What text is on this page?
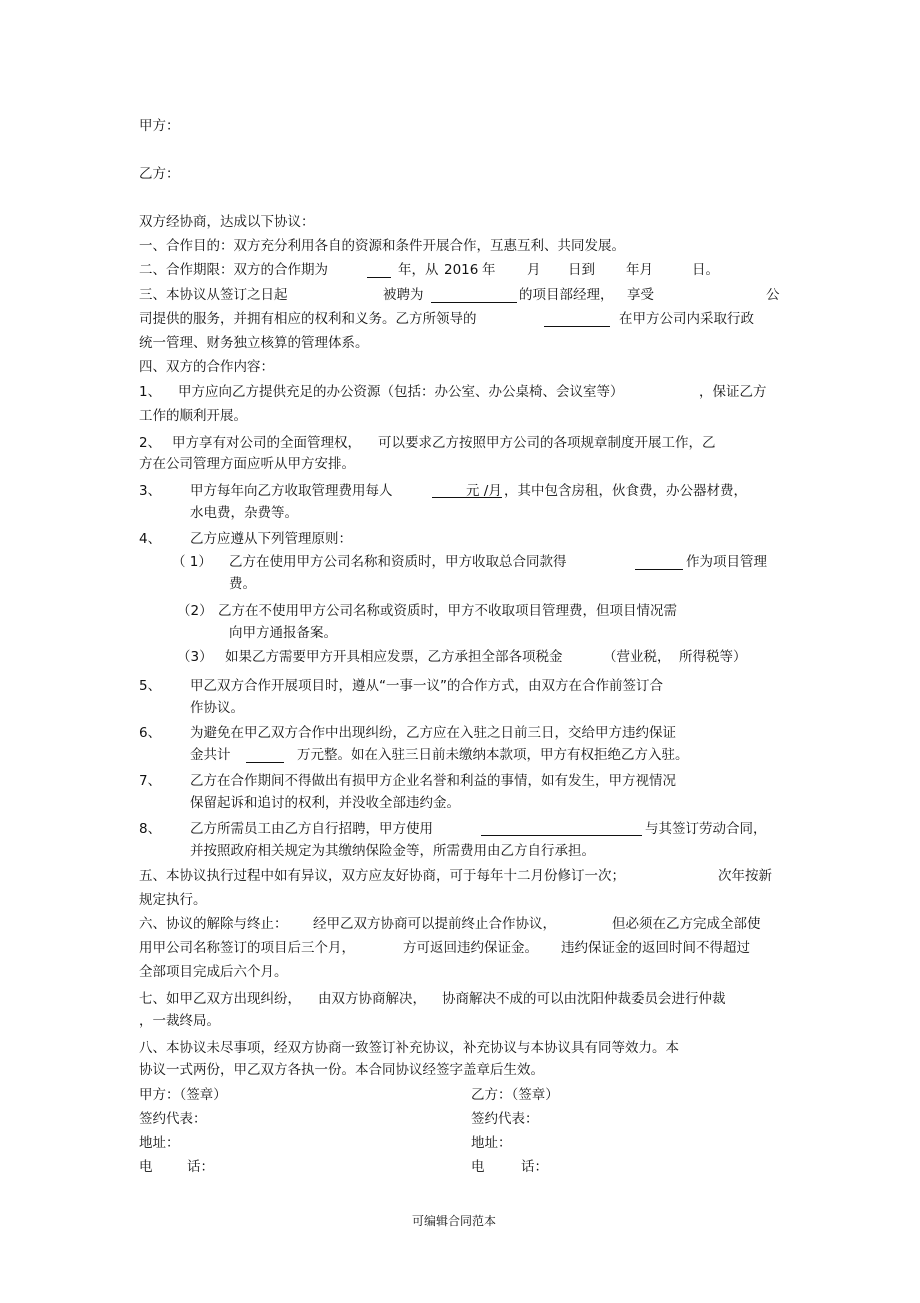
甲方：
乙方：
双方经协商，达成以下协议：
一、合作目的：双方充分利用各自的资源和条件开展合作，互惠互利、共同发展。
二、合作期限：双方的合作期为	年，从 2016 年 月 日到 年月	日。
三、本协议从签订之日起	被聘为	的项目部经理， 享受	公
司提供的服务，并拥有相应的权利和义务。乙方所领导的	在甲方公司内采取行政
统一管理、财务独立核算的管理体系。
四、双方的合作内容：
1、 甲方应向乙方提供充足的办公资源（包括：办公室、办公桌椅、会议室等）	，保证乙方
工作的顺利开展。
2、 甲方享有对公司的全面管理权， 可以要求乙方按照甲方公司的各项规章制度开展工作，乙
方在公司管理方面应听从甲方安排。
3、 甲方每年向乙方收取管理费用每人	元 /月 ，其中包含房租，伙食费，办公器材费，
水电费，杂费等。
4、 乙方应遵从下列管理原则：
（ 1） 乙方在使用甲方公司名称和资质时，甲方收取总合同款得	作为项目管理
费。
（2） 乙方在不使用甲方公司名称或资质时，甲方不收取项目管理费，但项目情况需
向甲方通报备案。
（3） 如果乙方需要甲方开具相应发票，乙方承担全部各项税金	（营业税， 所得税等）
5、 甲乙双方合作开展项目时，遵从“一事一议”的合作方式，由双方在合作前签订合
作协议。
6、 为避免在甲乙双方合作中出现纠纷，乙方应在入驻之日前三日，交给甲方违约保证
金共计	万元整。如在入驻三日前未缴纳本款项，甲方有权拒绝乙方入驻。
7、 乙方在合作期间不得做出有损甲方企业名誉和利益的事情，如有发生，甲方视情况
保留起诉和追讨的权利，并没收全部违约金。
8、 乙方所需员工由乙方自行招聘，甲方使用	与其签订劳动合同，
并按照政府相关规定为其缴纳保险金等，所需费用由乙方自行承担。
五、本协议执行过程中如有异议，双方应友好协商，可于每年十二月份修订一次；	次年按新
规定执行。
六、协议的解除与终止： 经甲乙双方协商可以提前终止合作协议，	但必须在乙方完成全部使
用甲公司名称签订的项目后三个月，	方可返回违约保证金。 违约保证金的返回时间不得超过
全部项目完成后六个月。
七、如甲乙双方出现纠纷， 由双方协商解决， 协商解决不成的可以由沈阳仲裁委员会进行仲裁
，一裁终局。
八、本协议未尽事项，经双方协商一致签订补充协议，补充协议与本协议具有同等效力。本
协议一式两份，甲乙双方各执一份。本合同协议经签字盖章后生效。
甲方：（签章）	乙方：（签章）
签约代表：	签约代表：
地址：	地址：
电	话：	电	话：
可编辑合同范本
